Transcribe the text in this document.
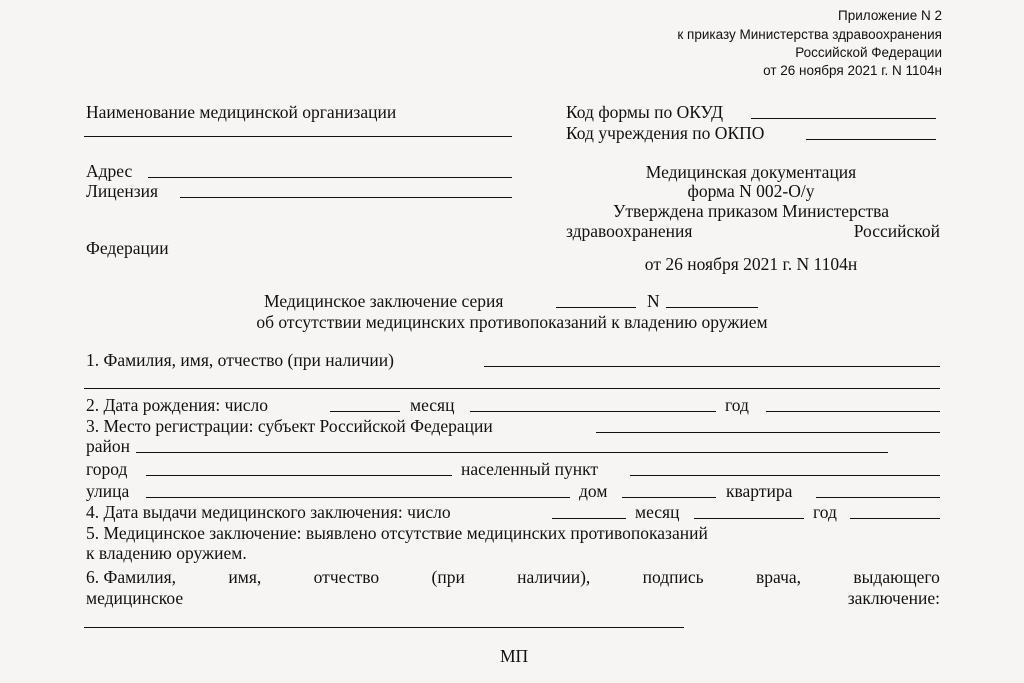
Приложение N 2
к приказу Министерства здравоохранения
Российской Федерации
от 26 ноября 2021 г. N 1104н
Наименование медицинской организации
Адрес
Лицензия
Федерации
Код формы по ОКУД
Код учреждения по ОКПО
Медицинская документация
форма N 002-О/у
Утверждена приказом Министерства
здравоохранения	Российской
от 26 ноября 2021 г. N 1104н
Медицинское заключение серия	N
об отсутствии медицинских противопоказаний к владению оружием
1. Фамилия, имя, отчество (при наличии)
2. Дата рождения: число	месяц	год
3. Место регистрации: субъект Российской Федерации
район
город	населенный пункт
улица	дом	квартира
4. Дата выдачи медицинского заключения: число	месяц	год
5. Медицинское заключение: выявлено отсутствие медицинских противопоказаний
к владению оружием.
6. Фамилия,	имя,	отчество	(при	наличии),	подпись	врача,	выдающего
медицинское	заключение:
МП
